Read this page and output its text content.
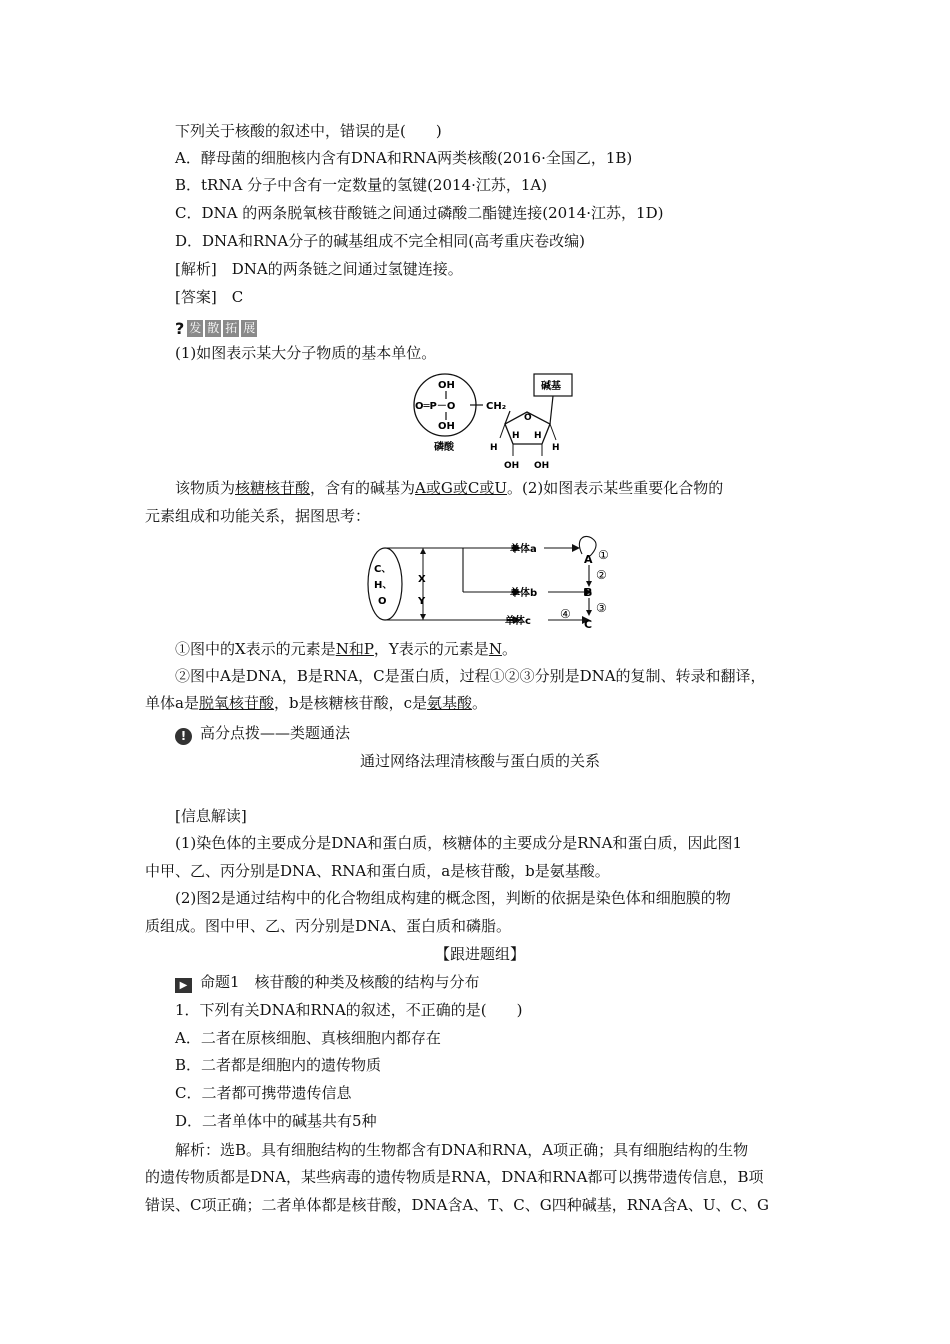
下列关于核酸的叙述中，错误的是(　　)
A．酵母菌的细胞核内含有DNA和RNA两类核酸(2016·全国乙，1B)
B．tRNA 分子中含有一定数量的氢键(2014·江苏，1A)
C．DNA 的两条脱氧核苷酸链之间通过磷酸二酯键连接(2014·江苏，1D)
D．DNA和RNA分子的碱基组成不完全相同(高考重庆卷改编)
[解析]　DNA的两条链之间通过氢键连接。
[答案]　C
? 发 散 拓 展
(1)如图表示某大分子物质的基本单位。
OH
O═P－O
OH
磷酸
CH₂
O
碱基
H
H H
H
OH OH
该物质为核糖核苷酸，含有的碱基为A或G或C或U。(2)如图表示某些重要化合物的
元素组成和功能关系，据图思考：
C、
H、
O
X
Y
单体a
单体b
单体c
A ①
②
B
③
④
C
①图中的X表示的元素是N和P，Y表示的元素是N。
②图中A是DNA，B是RNA，C是蛋白质，过程①②③分别是DNA的复制、转录和翻译，
单体a是脱氧核苷酸，b是核糖核苷酸，c是氨基酸。
! 高分点拨——类题通法
通过网络法理清核酸与蛋白质的关系
[信息解读]
(1)染色体的主要成分是DNA和蛋白质，核糖体的主要成分是RNA和蛋白质，因此图1
中甲、乙、丙分别是DNA、RNA和蛋白质，a是核苷酸，b是氨基酸。
(2)图2是通过结构中的化合物组成构建的概念图，判断的依据是染色体和细胞膜的物
质组成。图中甲、乙、丙分别是DNA、蛋白质和磷脂。
【跟进题组】
▶ 命题1　核苷酸的种类及核酸的结构与分布
1．下列有关DNA和RNA的叙述，不正确的是(　　)
A．二者在原核细胞、真核细胞内都存在
B．二者都是细胞内的遗传物质
C．二者都可携带遗传信息
D．二者单体中的碱基共有5种
解析：选B。具有细胞结构的生物都含有DNA和RNA，A项正确；具有细胞结构的生物
的遗传物质都是DNA，某些病毒的遗传物质是RNA，DNA和RNA都可以携带遗传信息，B项
错误、C项正确；二者单体都是核苷酸，DNA含A、T、C、G四种碱基，RNA含A、U、C、G
